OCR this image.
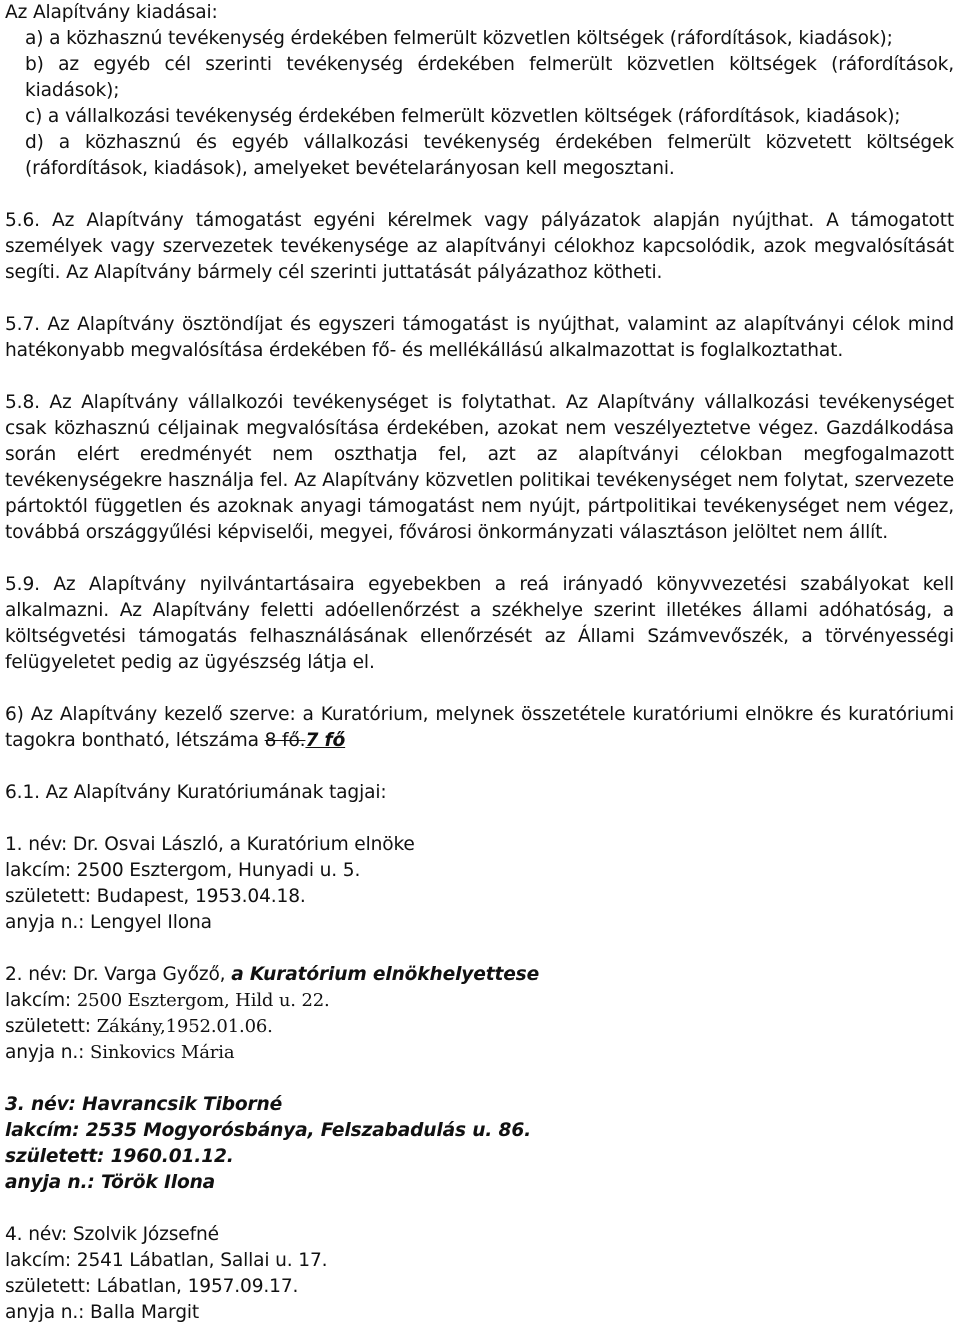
Az Alapítvány kiadásai:

a) a közhasznú tevékenység érdekében felmerült közvetlen költségek (ráfordítások, kiadások);

b) az egyéb cél szerinti tevékenység érdekében felmerült közvetlen költségek (ráfordítások, kiadások);

c) a vállalkozási tevékenység érdekében felmerült közvetlen költségek (ráfordítások, kiadások);

d) a közhasznú és egyéb vállalkozási tevékenység érdekében felmerült közvetett költségek (ráfordítások, kiadások), amelyeket bevételarányosan kell megosztani.

5.6. Az Alapítvány támogatást egyéni kérelmek vagy pályázatok alapján nyújthat. A támogatott személyek vagy szervezetek tevékenysége az alapítványi célokhoz kapcsolódik, azok megvalósítását segíti. Az Alapítvány bármely cél szerinti juttatását pályázathoz kötheti.

5.7. Az Alapítvány ösztöndíjat és egyszeri támogatást is nyújthat, valamint az alapítványi célok mind hatékonyabb megvalósítása érdekében fő- és mellékállású alkalmazottat is foglalkoztathat.

5.8. Az Alapítvány vállalkozói tevékenységet is folytathat. Az Alapítvány vállalkozási tevékenységet csak közhasznú céljainak megvalósítása érdekében, azokat nem veszélyeztetve végez. Gazdálkodása során elért eredményét nem oszthatja fel, azt az alapítványi célokban megfogalmazott tevékenységekre használja fel. Az Alapítvány közvetlen politikai tevékenységet nem folytat, szervezete pártoktól független és azoknak anyagi támogatást nem nyújt, pártpolitikai tevékenységet nem végez, továbbá országgyűlési képviselői, megyei, fővárosi önkormányzati választáson jelöltet nem állít.

5.9. Az Alapítvány nyilvántartásaira egyebekben a reá irányadó könyvvezetési szabályokat kell alkalmazni. Az Alapítvány feletti adóellenőrzést a székhelye szerint illetékes állami adóhatóság, a költségvetési támogatás felhasználásának ellenőrzését az Állami Számvevőszék, a törvényességi felügyeletet pedig az ügyészség látja el.

6) Az Alapítvány kezelő szerve: a Kuratórium, melynek összetétele kuratóriumi elnökre és kuratóriumi tagokra bontható, létszáma 8 fő.7 fő

6.1. Az Alapítvány Kuratóriumának tagjai:

1. név: Dr. Osvai László, a Kuratórium elnöke

lakcím: 2500 Esztergom, Hunyadi u. 5.

született: Budapest, 1953.04.18.

anyja n.: Lengyel Ilona

2. név: Dr. Varga Győző, a Kuratórium elnökhelyettese

lakcím: 2500 Esztergom, Hild u. 22.

született: Zákány,1952.01.06.

anyja n.: Sinkovics Mária

3. név: Havrancsik Tiborné

lakcím: 2535 Mogyorósbánya, Felszabadulás u. 86.

született: 1960.01.12.

anyja n.: Török Ilona

4. név: Szolvik Józsefné

lakcím: 2541 Lábatlan, Sallai u. 17.

született: Lábatlan, 1957.09.17.

anyja n.: Balla Margit
